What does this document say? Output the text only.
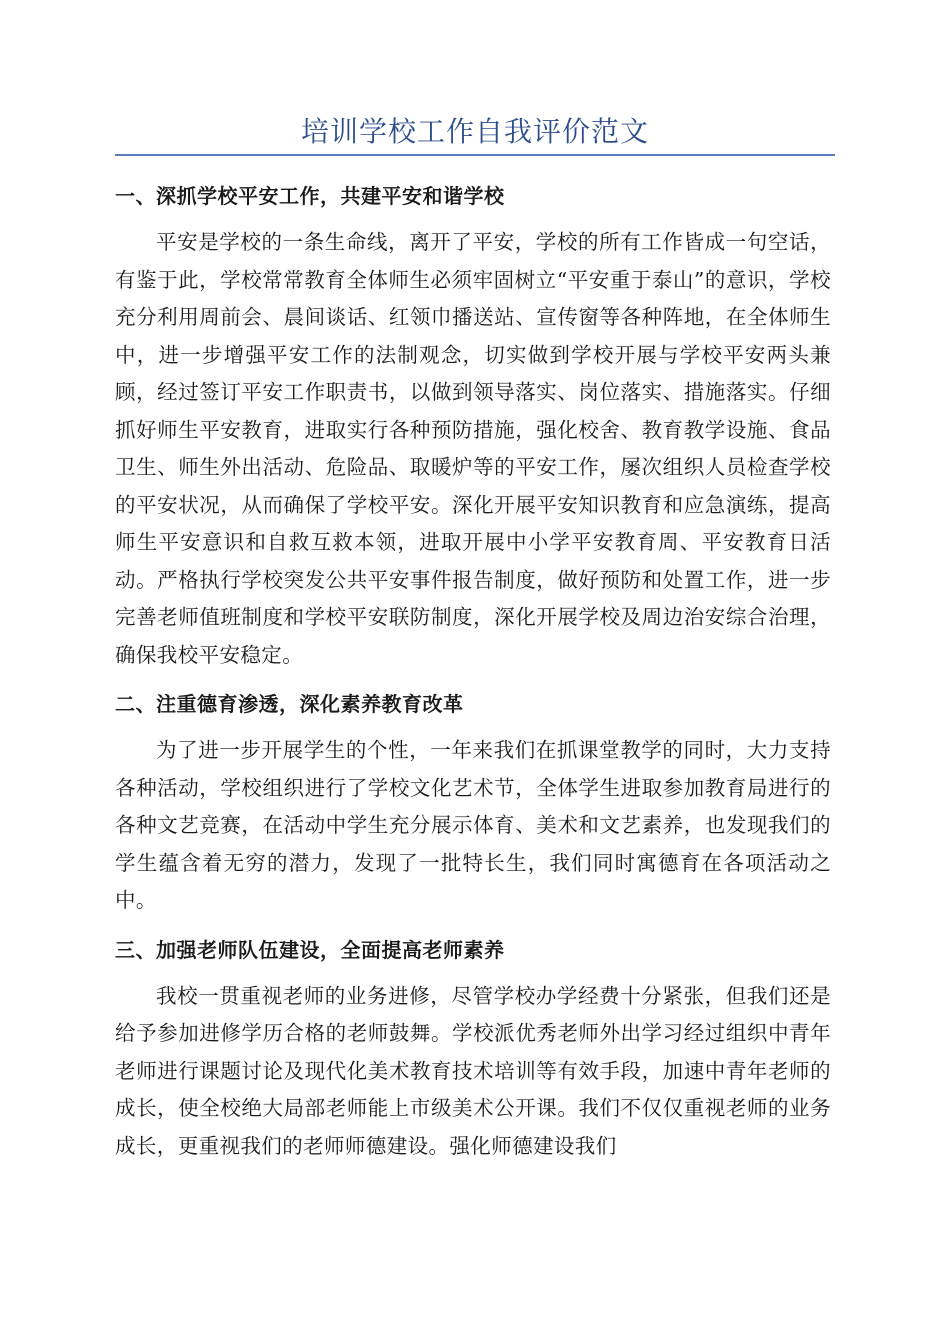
培训学校工作自我评价范文
一、深抓学校平安工作，共建平安和谐学校

平安是学校的一条生命线，离开了平安，学校的所有工作皆成一句空话，有鉴于此，学校常常教育全体师生必须牢固树立“平安重于泰山”的意识，学校充分利用周前会、晨间谈话、红领巾播送站、宣传窗等各种阵地，在全体师生中，进一步增强平安工作的法制观念，切实做到学校开展与学校平安两头兼顾，经过签订平安工作职责书，以做到领导落实、岗位落实、措施落实。仔细抓好师生平安教育，进取实行各种预防措施，强化校舍、教育教学设施、食品卫生、师生外出活动、危险品、取暖炉等的平安工作，屡次组织人员检查学校的平安状况，从而确保了学校平安。深化开展平安知识教育和应急演练，提高师生平安意识和自救互救本领，进取开展中小学平安教育周、平安教育日活动。严格执行学校突发公共平安事件报告制度，做好预防和处置工作，进一步完善老师值班制度和学校平安联防制度，深化开展学校及周边治安综合治理，确保我校平安稳定。

二、注重德育渗透，深化素养教育改革

为了进一步开展学生的个性，一年来我们在抓课堂教学的同时，大力支持各种活动，学校组织进行了学校文化艺术节，全体学生进取参加教育局进行的各种文艺竞赛，在活动中学生充分展示体育、美术和文艺素养，也发现我们的学生蕴含着无穷的潜力，发现了一批特长生，我们同时寓德育在各项活动之中。

三、加强老师队伍建设，全面提高老师素养

我校一贯重视老师的业务进修，尽管学校办学经费十分紧张，但我们还是给予参加进修学历合格的老师鼓舞。学校派优秀老师外出学习经过组织中青年老师进行课题讨论及现代化美术教育技术培训等有效手段，加速中青年老师的成长，使全校绝大局部老师能上市级美术公开课。我们不仅仅重视老师的业务成长，更重视我们的老师师德建设。强化师德建设我们
